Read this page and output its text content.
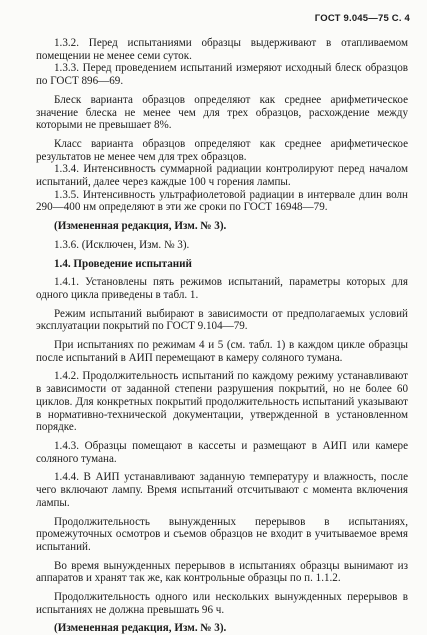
ГОСТ 9.045—75 С. 4

1.3.2. Перед испытаниями образцы выдерживают в отапливаемом помещении не менее семи суток.

1.3.3. Перед проведением испытаний измеряют исходный блеск образцов по ГОСТ 896—69.

Блеск варианта образцов определяют как среднее арифметическое значение блеска не менее чем для трех образцов, расхождение между которыми не превышает 8%.

Класс варианта образцов определяют как среднее арифметическое результатов не менее чем для трех образцов.

1.3.4. Интенсивность суммарной радиации контролируют перед началом испытаний, далее через каждые 100 ч горения лампы.

1.3.5. Интенсивность ультрафиолетовой радиации в интервале длин волн 290—400 нм определяют в эти же сроки по ГОСТ 16948—79.

(Измененная редакция, Изм. № 3).

1.3.6. (Исключен, Изм. № 3).

1.4. Проведение испытаний

1.4.1. Установлены пять режимов испытаний, параметры которых для одного цикла приведены в табл. 1.

Режим испытаний выбирают в зависимости от предполагаемых условий эксплуатации покрытий по ГОСТ 9.104—79.

При испытаниях по режимам 4 и 5 (см. табл. 1) в каждом цикле образцы после испытаний в АИП перемещают в камеру соляного тумана.

1.4.2. Продолжительность испытаний по каждому режиму устанавливают в зависимости от заданной степени разрушения покрытий, но не более 60 циклов. Для конкретных покрытий продолжительность испытаний указывают в нормативно-технической документации, утвержденной в установленном порядке.

1.4.3. Образцы помещают в кассеты и размещают в АИП или камере соляного тумана.

1.4.4. В АИП устанавливают заданную температуру и влажность, после чего включают лампу. Время испытаний отсчитывают с момента включения лампы.

Продолжительность вынужденных перерывов в испытаниях, промежуточных осмотров и съемов образцов не входит в учитываемое время испытаний.

Во время вынужденных перерывов в испытаниях образцы вынимают из аппаратов и хранят так же, как контрольные образцы по п. 1.1.2.

Продолжительность одного или нескольких вынужденных перерывов в испытаниях не должна превышать 96 ч.

(Измененная редакция, Изм. № 3).
